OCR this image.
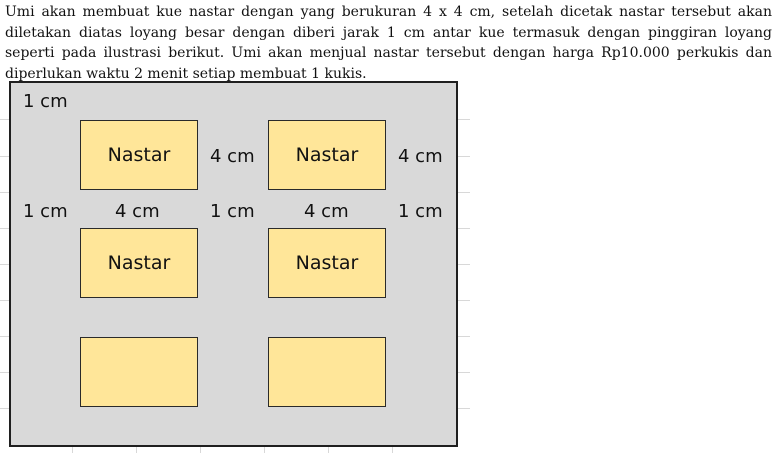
Umi akan membuat kue nastar dengan yang berukuran 4 x 4 cm, setelah dicetak nastar tersebut akan diletakan diatas loyang besar dengan diberi jarak 1 cm antar kue termasuk dengan pinggiran loyang seperti pada ilustrasi berikut. Umi akan menjual nastar tersebut dengan harga Rp10.000 perkukis dan diperlukan waktu 2 menit setiap membuat 1 kukis.

Nastar	Nastar
Nastar	Nastar
1 cm
4 cm	4 cm
1 cm	4 cm	1 cm	4 cm	1 cm
